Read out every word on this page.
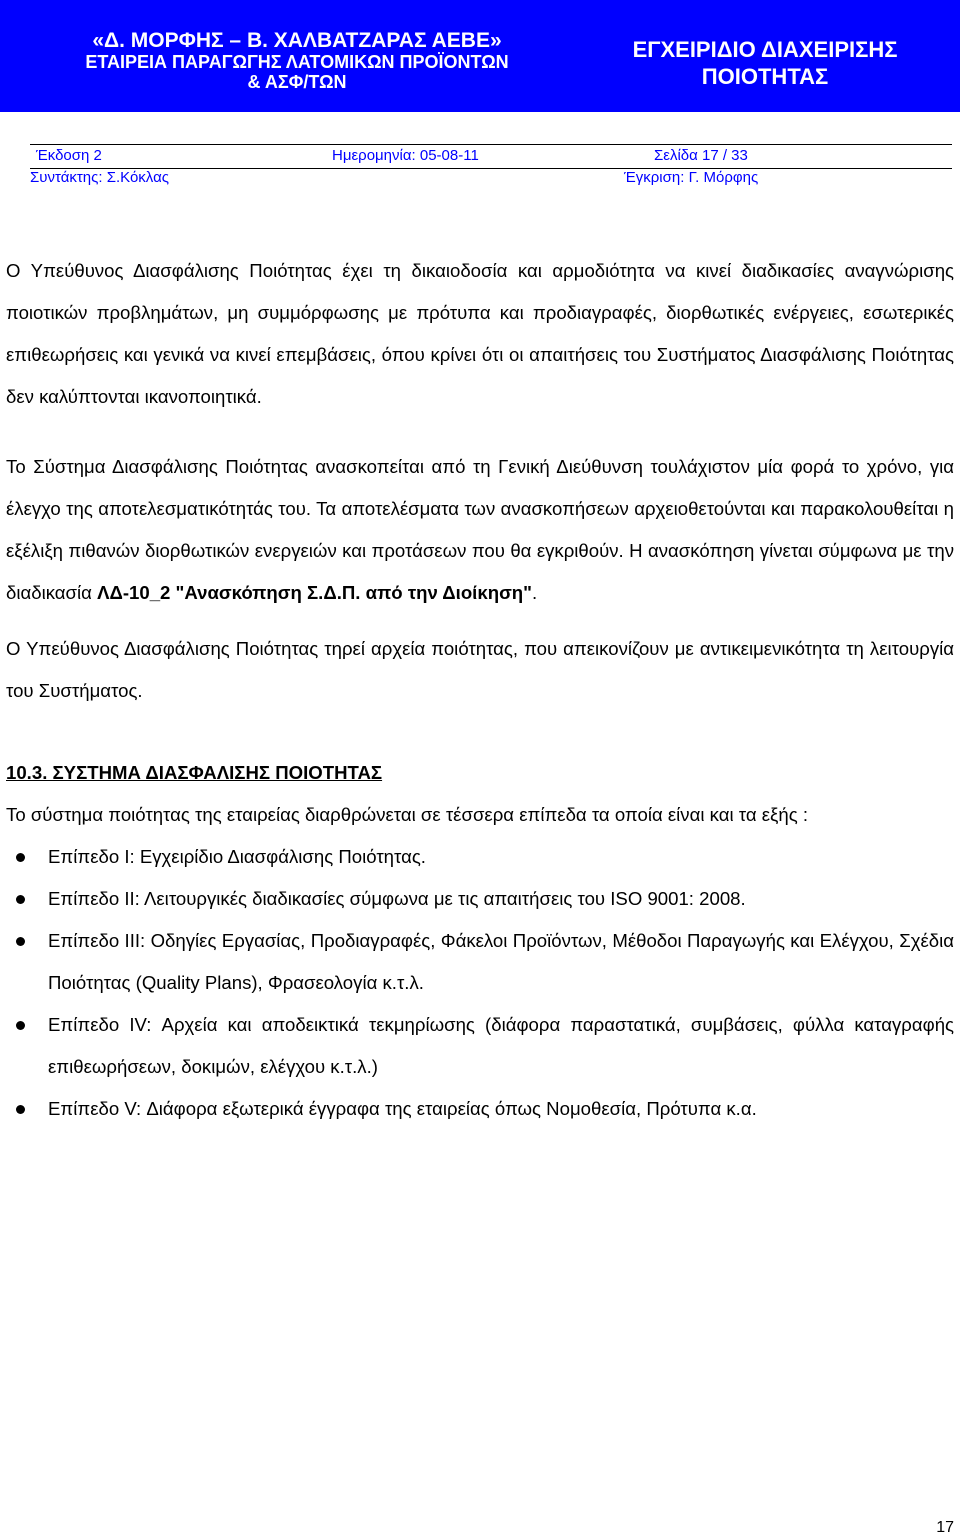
«Δ. ΜΟΡΦΗΣ – Β. ΧΑΛΒΑΤΖΑΡΑΣ ΑΕΒΕ»
ΕΤΑΙΡΕΙΑ ΠΑΡΑΓΩΓΗΣ ΛΑΤΟΜΙΚΩΝ ΠΡΟΪΟΝΤΩΝ
& ΑΣΦ/ΤΩΝ
ΕΓΧΕΙΡΙΔΙΟ ΔΙΑΧΕΙΡΙΣΗΣ
ΠΟΙΟΤΗΤΑΣ
Έκδοση 2	Ημερομηνία: 05-08-11	Σελίδα 17 / 33
Συντάκτης: Σ.Κόκλας	Έγκριση: Γ. Μόρφης

Ο Υπεύθυνος Διασφάλισης Ποιότητας έχει τη δικαιοδοσία και αρμοδιότητα να κινεί διαδικασίες αναγνώρισης ποιοτικών προβλημάτων, μη συμμόρφωσης με πρότυπα και προδιαγραφές, διορθωτικές ενέργειες, εσωτερικές επιθεωρήσεις και γενικά να κινεί επεμβάσεις, όπου κρίνει ότι οι απαιτήσεις του Συστήματος Διασφάλισης Ποιότητας δεν καλύπτονται ικανοποιητικά.

Το Σύστημα Διασφάλισης Ποιότητας ανασκοπείται από τη Γενική Διεύθυνση τουλάχιστον μία φορά το χρόνο, για έλεγχο της αποτελεσματικότητάς του. Τα αποτελέσματα των ανασκοπήσεων αρχειοθετούνται και παρακολουθείται η εξέλιξη πιθανών διορθωτικών ενεργειών και προτάσεων που θα εγκριθούν. Η ανασκόπηση γίνεται σύμφωνα με την διαδικασία ΛΔ-10_2 "Ανασκόπηση Σ.Δ.Π. από την Διοίκηση".

Ο Υπεύθυνος Διασφάλισης Ποιότητας τηρεί αρχεία ποιότητας, που απεικονίζουν με αντικειμενικότητα τη λειτουργία του Συστήματος.

10.3. ΣΥΣΤΗΜΑ ΔΙΑΣΦΑΛΙΣΗΣ ΠΟΙΟΤΗΤΑΣ

Το σύστημα ποιότητας της εταιρείας διαρθρώνεται σε τέσσερα επίπεδα τα οποία είναι και τα εξής :

Επίπεδο Ι: Εγχειρίδιο Διασφάλισης Ποιότητας.
Επίπεδο ΙΙ: Λειτουργικές διαδικασίες σύμφωνα με τις απαιτήσεις του ISO 9001: 2008.
Επίπεδο ΙΙΙ: Οδηγίες Εργασίας, Προδιαγραφές, Φάκελοι Προϊόντων, Μέθοδοι Παραγωγής και Ελέγχου, Σχέδια Ποιότητας (Quality Plans), Φρασεολογία κ.τ.λ.
Επίπεδο IV: Αρχεία και αποδεικτικά τεκμηρίωσης (διάφορα παραστατικά, συμβάσεις, φύλλα καταγραφής επιθεωρήσεων, δοκιμών, ελέγχου κ.τ.λ.)
Επίπεδο V: Διάφορα εξωτερικά έγγραφα της εταιρείας όπως Νομοθεσία, Πρότυπα κ.α.
17
